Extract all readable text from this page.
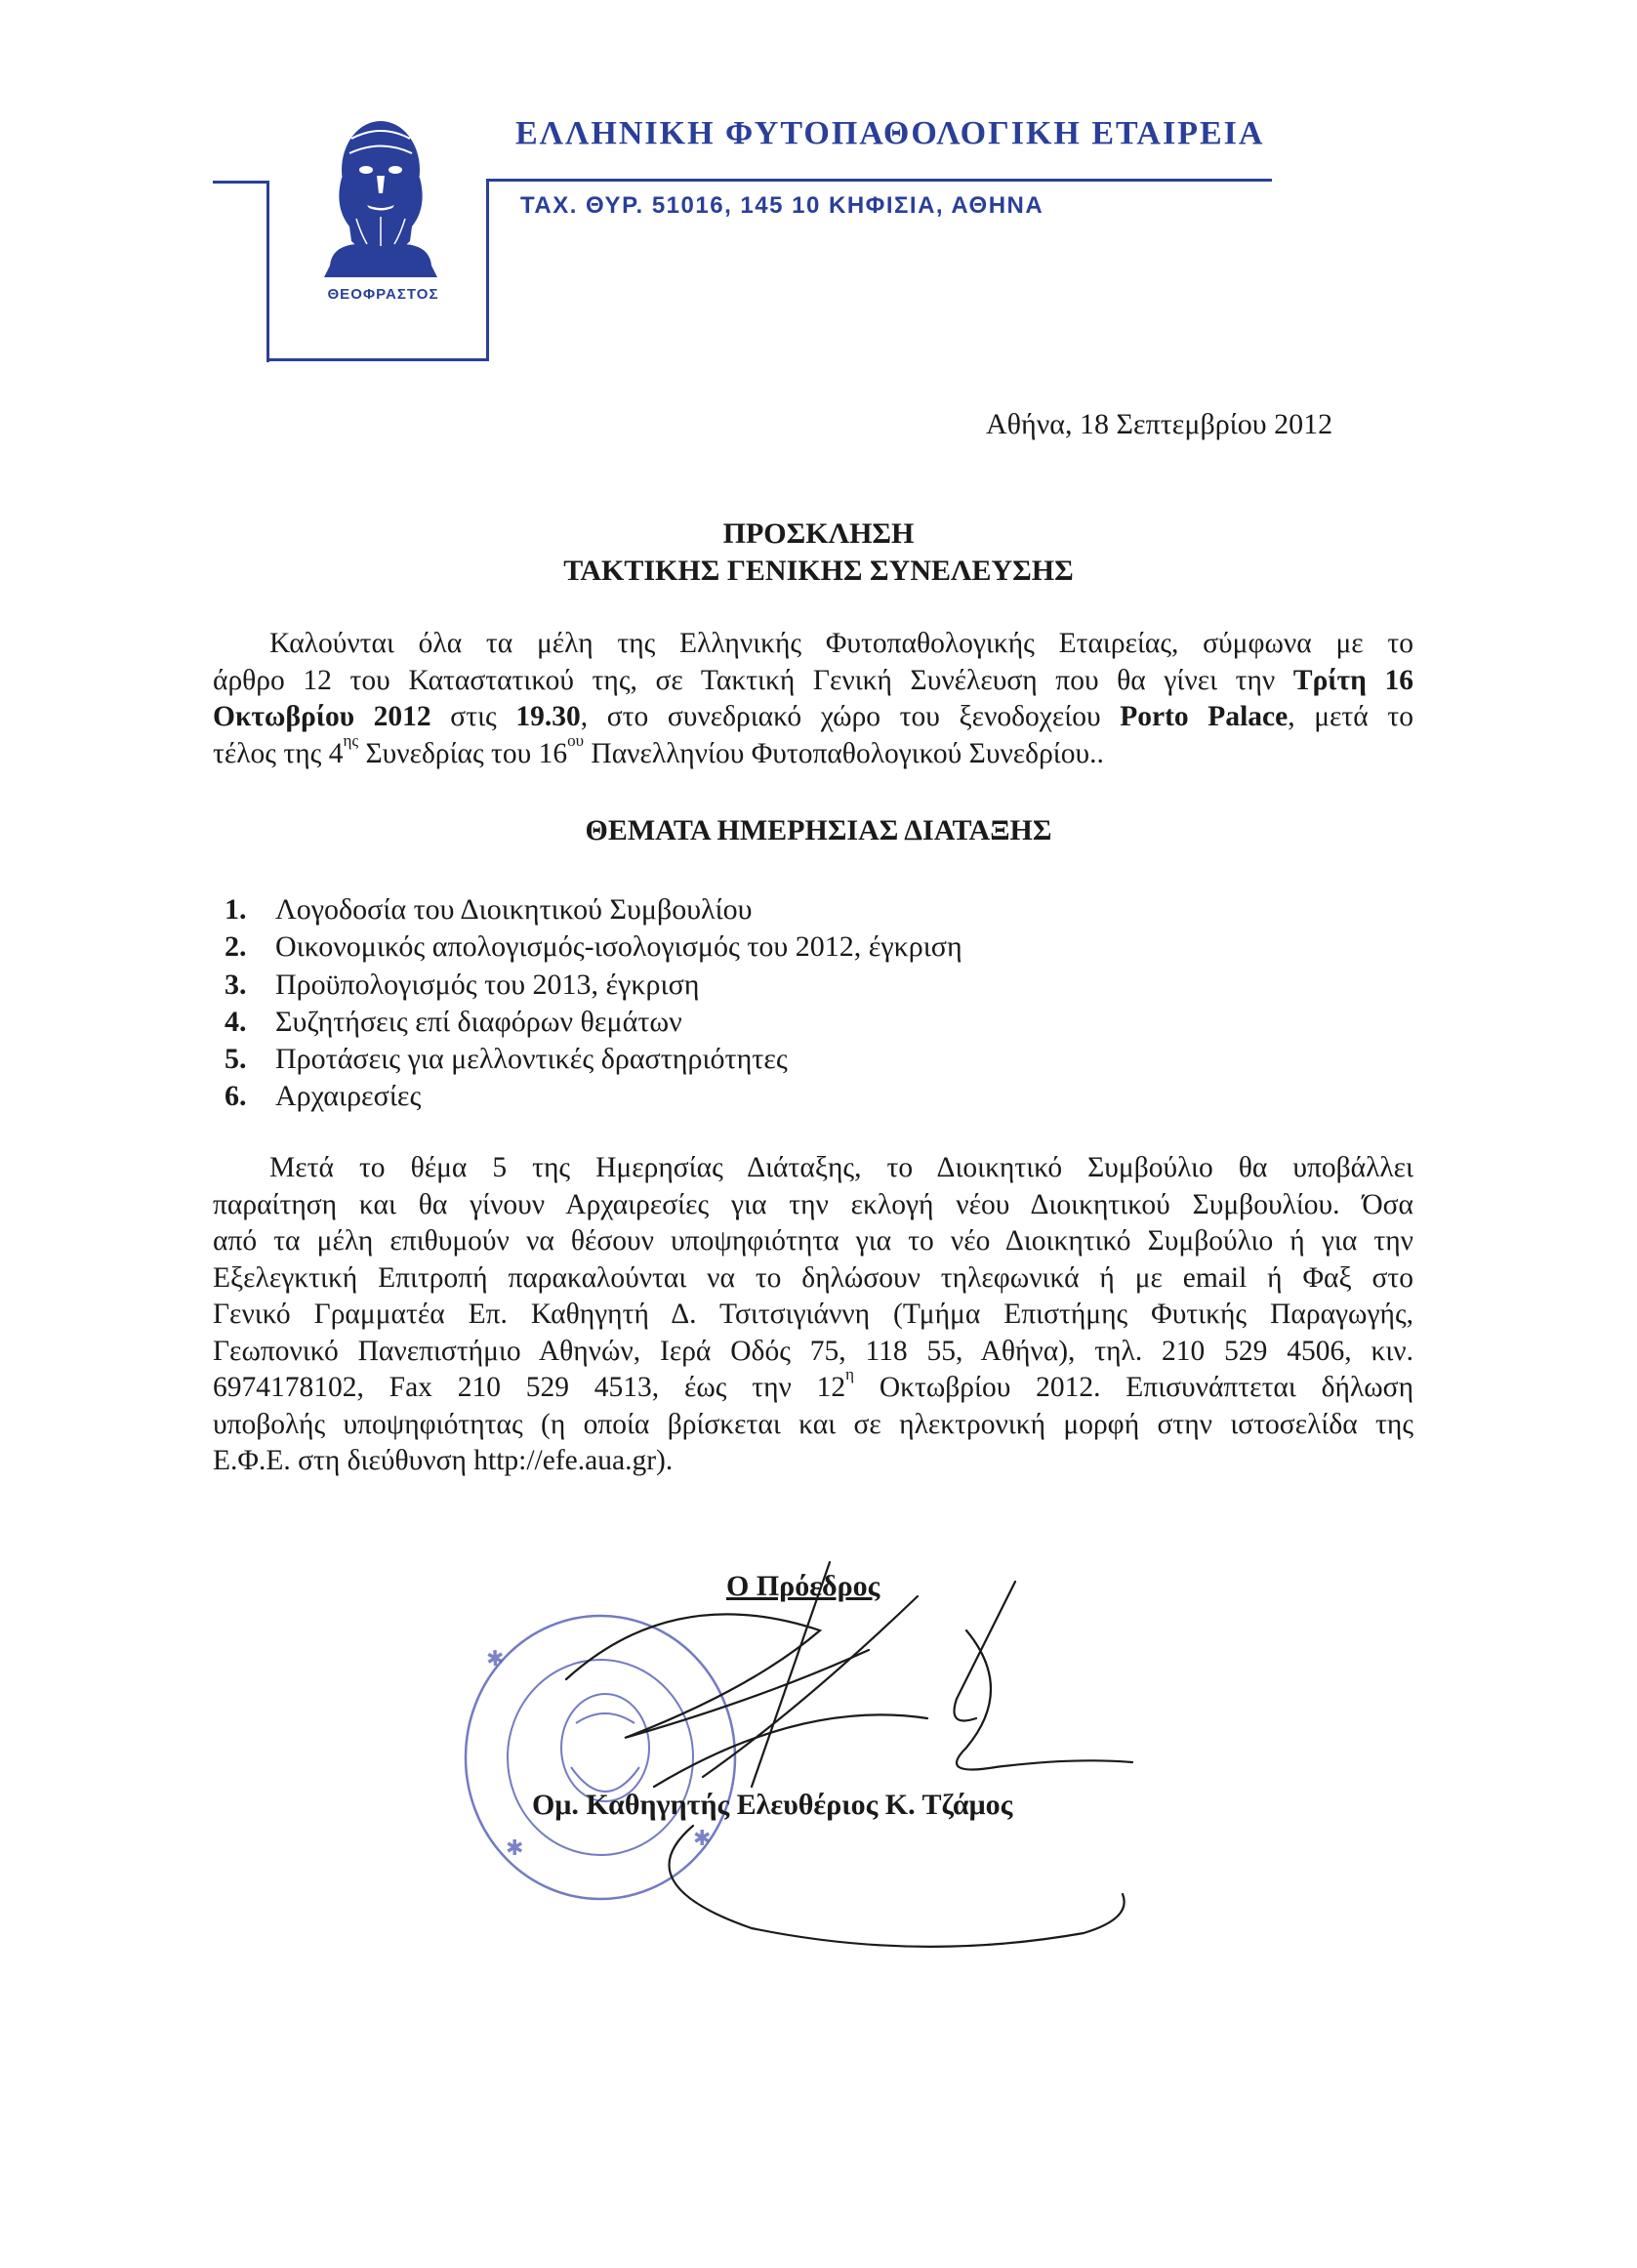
ΘΕΟΦΡΑΣΤΟΣ
ΕΛΛΗΝΙΚΗ ΦΥΤΟΠΑΘΟΛΟΓΙΚΗ ΕΤΑΙΡΕΙΑ
ΤΑΧ. ΘΥΡ. 51016, 145 10 ΚΗΦΙΣΙΑ, ΑΘΗΝΑ
Αθήνα, 18 Σεπτεμβρίου 2012
ΠΡΟΣΚΛΗΣΗ
ΤΑΚΤΙΚΗΣ ΓΕΝΙΚΗΣ ΣΥΝΕΛΕΥΣΗΣ
Καλούνται όλα τα μέλη της Ελληνικής Φυτοπαθολογικής Εταιρείας, σύμφωνα με το
άρθρο 12 του Καταστατικού της, σε Τακτική Γενική Συνέλευση που θα γίνει την Τρίτη 16
Οκτωβρίου 2012 στις 19.30, στο συνεδριακό χώρο του ξενοδοχείου Porto Palace, μετά το
τέλος της $4^{\eta\varsigma}$ Συνεδρίας του $16^{o\upsilon}$ Πανελληνίου Φυτοπαθολογικού Συνεδρίου..
ΘΕΜΑΤΑ ΗΜΕΡΗΣΙΑΣ ΔΙΑΤΑΞΗΣ
1. Λογοδοσία του Διοικητικού Συμβουλίου
2. Οικονομικός απολογισμός-ισολογισμός του 2012, έγκριση
3. Προϋπολογισμός του 2013, έγκριση
4. Συζητήσεις επί διαφόρων θεμάτων
5. Προτάσεις για μελλοντικές δραστηριότητες
6. Αρχαιρεσίες
Μετά το θέμα 5 της Ημερησίας Διάταξης, το Διοικητικό Συμβούλιο θα υποβάλλει
παραίτηση και θα γίνουν Αρχαιρεσίες για την εκλογή νέου Διοικητικού Συμβουλίου. Όσα
από τα μέλη επιθυμούν να θέσουν υποψηφιότητα για το νέο Διοικητικό Συμβούλιο ή για την
Εξελεγκτική Επιτροπή παρακαλούνται να το δηλώσουν τηλεφωνικά ή με email ή Φαξ στο
Γενικό Γραμματέα Επ. Καθηγητή Δ. Τσιτσιγιάννη (Τμήμα Επιστήμης Φυτικής Παραγωγής,
Γεωπονικό Πανεπιστήμιο Αθηνών, Ιερά Οδός 75, 118 55, Αθήνα), τηλ. 210 529 4506, κιν.
6974178102, Fax 210 529 4513, έως την $12^\eta$ Οκτωβρίου 2012. Επισυνάπτεται δήλωση
υποβολής υποψηφιότητας (η οποία βρίσκεται και σε ηλεκτρονική μορφή στην ιστοσελίδα της
Ε.Φ.Ε. στη διεύθυνση http://efe.aua.gr).
✱
✱
✱
Ο Πρόεδρος
Ομ. Καθηγητής Ελευθέριος Κ. Τζάμος
